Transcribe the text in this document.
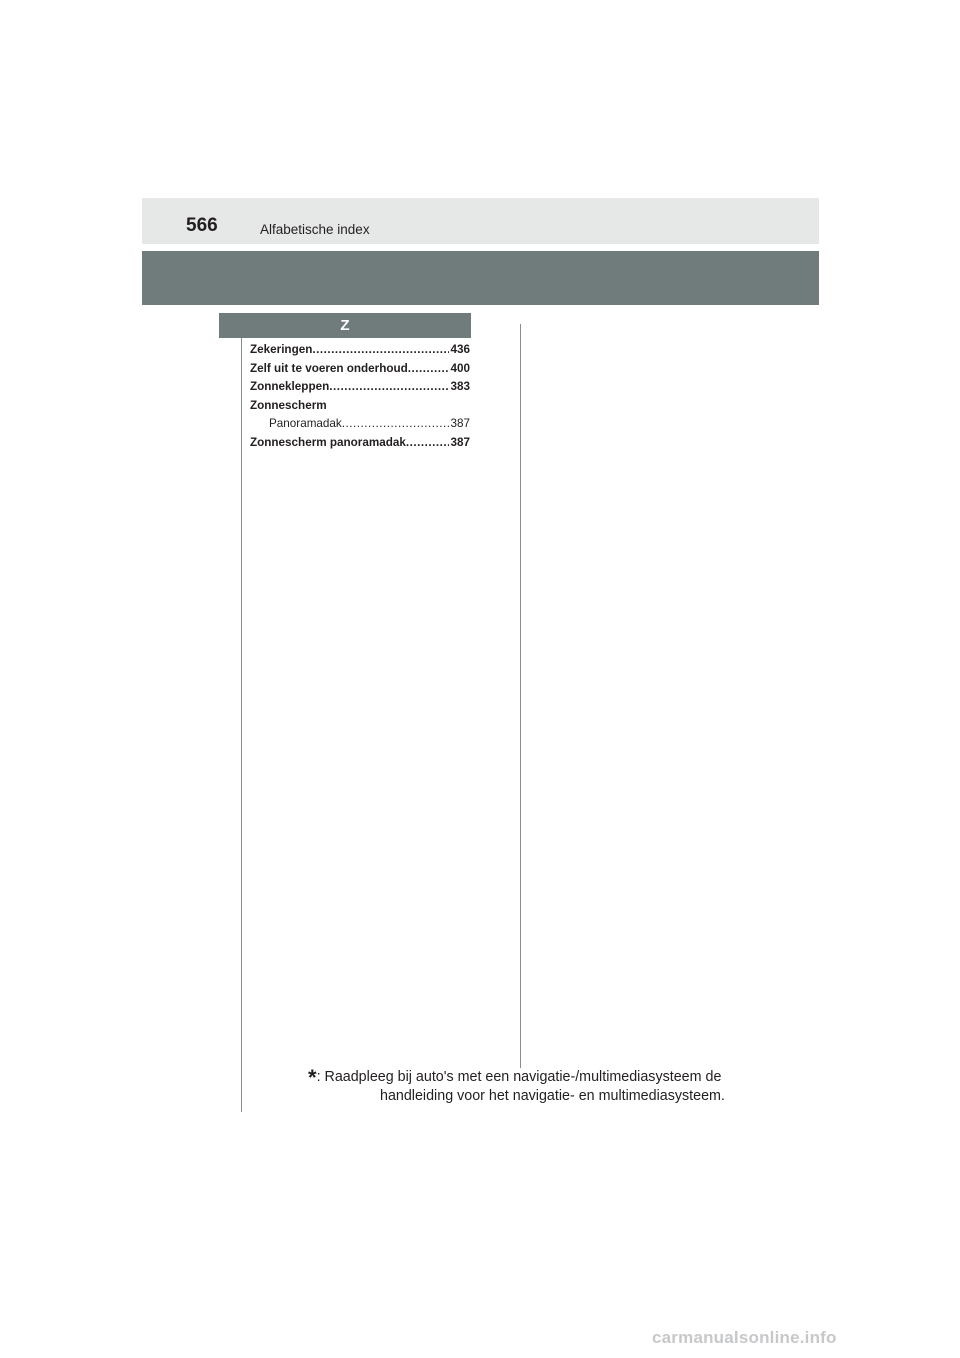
566	Alfabetische index
Z
Zekeringen .....	436
Zelf uit te voeren onderhoud .....	400
Zonnekleppen .....	383
Zonnescherm
Panoramadak .....	387
Zonnescherm panoramadak .....	387
*: Raadpleeg bij auto's met een navigatie-/multimediasysteem de
handleiding voor het navigatie- en multimediasysteem.
carmanualsonline.info
